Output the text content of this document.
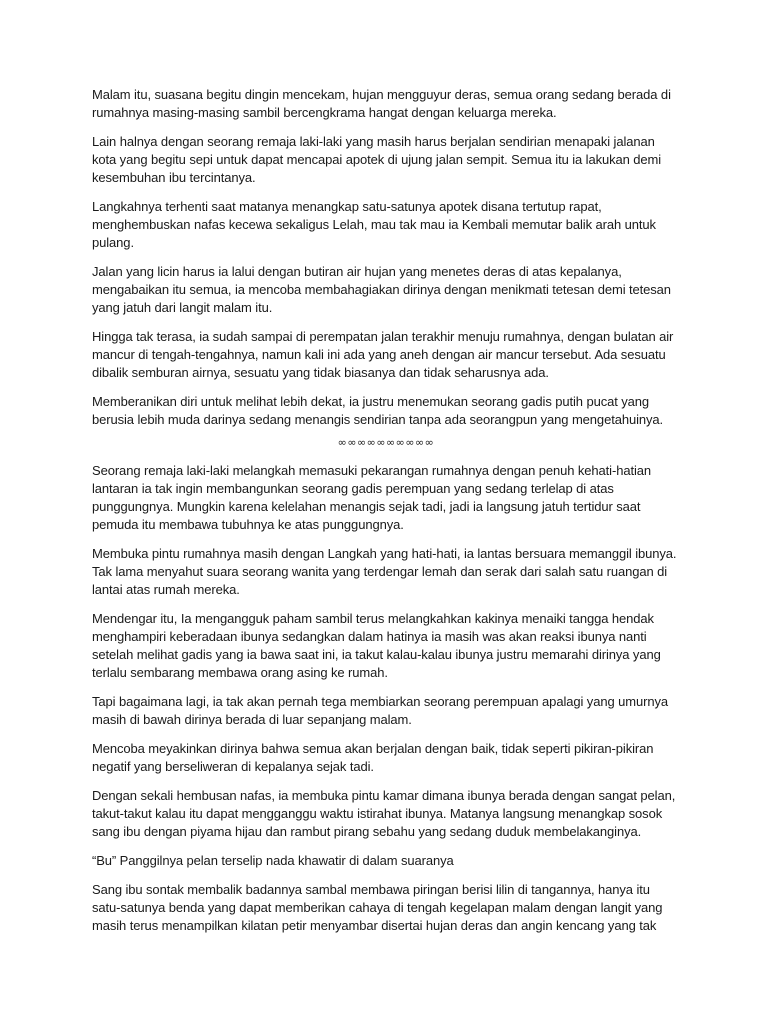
Malam itu, suasana begitu dingin mencekam, hujan mengguyur deras, semua orang sedang berada di rumahnya masing-masing sambil bercengkrama hangat dengan keluarga mereka.

Lain halnya dengan seorang remaja laki-laki yang masih harus berjalan sendirian menapaki jalanan kota yang begitu sepi untuk dapat mencapai apotek di ujung jalan sempit. Semua itu ia lakukan demi kesembuhan ibu tercintanya.

Langkahnya terhenti saat matanya menangkap satu-satunya apotek disana tertutup rapat, menghembuskan nafas kecewa sekaligus Lelah, mau tak mau ia Kembali memutar balik arah untuk pulang.

Jalan yang licin harus ia lalui dengan butiran air hujan yang menetes deras di atas kepalanya, mengabaikan itu semua, ia mencoba membahagiakan dirinya dengan menikmati tetesan demi tetesan yang jatuh dari langit malam itu.

Hingga tak terasa, ia sudah sampai di perempatan jalan terakhir menuju rumahnya, dengan bulatan air mancur di tengah-tengahnya, namun kali ini ada yang aneh dengan air mancur tersebut. Ada sesuatu dibalik semburan airnya, sesuatu yang tidak biasanya dan tidak seharusnya ada.

Memberanikan diri untuk melihat lebih dekat, ia justru menemukan seorang gadis putih pucat yang berusia lebih muda darinya sedang menangis sendirian tanpa ada seorangpun yang mengetahuinya.

∞∞∞∞∞∞∞∞∞∞

Seorang remaja laki-laki melangkah memasuki pekarangan rumahnya dengan penuh kehati-hatian lantaran ia tak ingin membangunkan seorang gadis perempuan yang sedang terlelap di atas punggungnya. Mungkin karena kelelahan menangis sejak tadi, jadi ia langsung jatuh tertidur saat pemuda itu membawa tubuhnya ke atas punggungnya.

Membuka pintu rumahnya masih dengan Langkah yang hati-hati, ia lantas bersuara memanggil ibunya. Tak lama menyahut suara seorang wanita yang terdengar lemah dan serak dari salah satu ruangan di lantai atas rumah mereka.

Mendengar itu, Ia mengangguk paham sambil terus melangkahkan kakinya menaiki tangga hendak menghampiri keberadaan ibunya sedangkan dalam hatinya ia masih was akan reaksi ibunya nanti setelah melihat gadis yang ia bawa saat ini, ia takut kalau-kalau ibunya justru memarahi dirinya yang terlalu sembarang membawa orang asing ke rumah.

Tapi bagaimana lagi, ia tak akan pernah tega membiarkan seorang perempuan apalagi yang umurnya masih di bawah dirinya berada di luar sepanjang malam.

Mencoba meyakinkan dirinya bahwa semua akan berjalan dengan baik, tidak seperti pikiran-pikiran negatif yang berseliweran di kepalanya sejak tadi.

Dengan sekali hembusan nafas, ia membuka pintu kamar dimana ibunya berada dengan sangat pelan, takut-takut kalau itu dapat mengganggu waktu istirahat ibunya. Matanya langsung menangkap sosok sang ibu dengan piyama hijau dan rambut pirang sebahu yang sedang duduk membelakanginya.

“Bu” Panggilnya pelan terselip nada khawatir di dalam suaranya

Sang ibu sontak membalik badannya sambal membawa piringan berisi lilin di tangannya, hanya itu satu-satunya benda yang dapat memberikan cahaya di tengah kegelapan malam dengan langit yang masih terus menampilkan kilatan petir menyambar disertai hujan deras dan angin kencang yang tak
